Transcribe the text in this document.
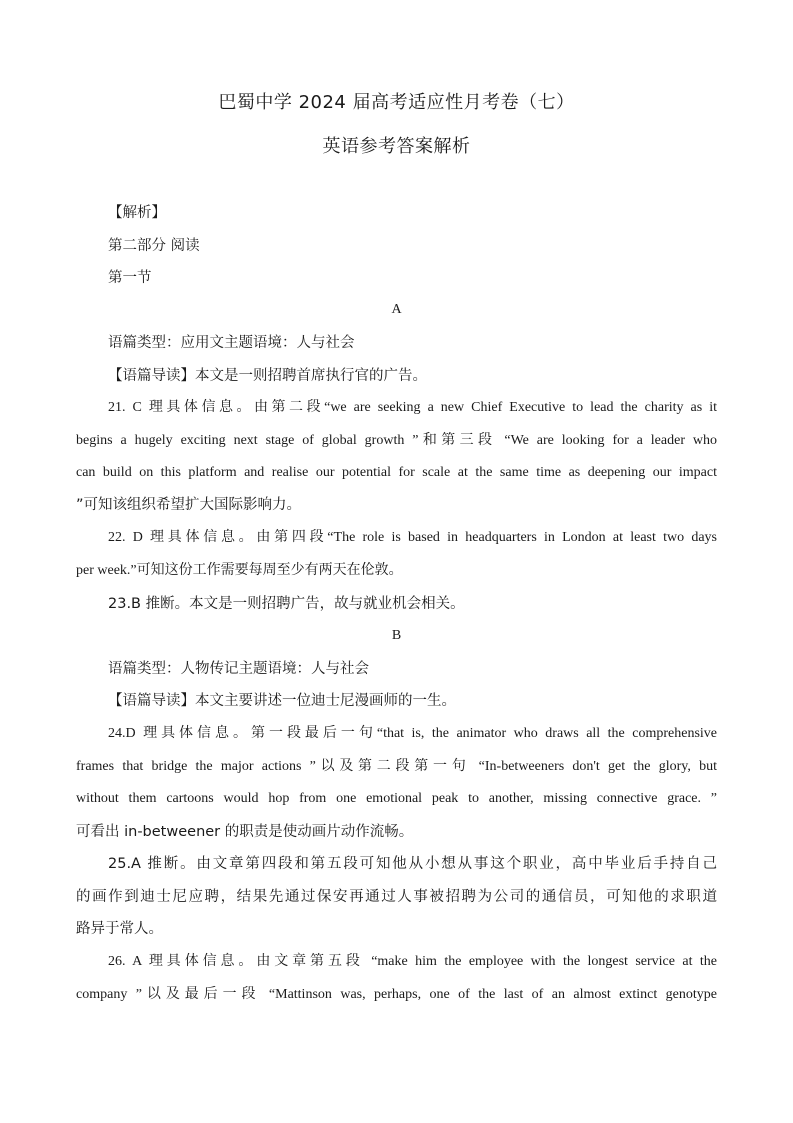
巴蜀中学 2024 届高考适应性月考卷（七）
英语参考答案解析
【解析】
第二部分 阅读
第一节
A
语篇类型：应用文主题语境：人与社会
【语篇导读】本文是一则招聘首席执行官的广告。
21. C 理具体信息。由第二段“we are seeking a new Chief Executive to lead the charity as it
begins a hugely exciting next stage of global growth ”和第三段 “We are looking for a leader who
can build on this platform and realise our potential for scale at the same time as deepening our impact
”可知该组织希望扩大国际影响力。
22. D 理具体信息。由第四段“The role is based in headquarters in London at least two days
per week.”可知这份工作需要每周至少有两天在伦敦。
23.B 推断。本文是一则招聘广告，故与就业机会相关。
B
语篇类型：人物传记主题语境：人与社会
【语篇导读】本文主要讲述一位迪士尼漫画师的一生。
24.D 理具体信息。第一段最后一句“that is, the animator who draws all the comprehensive
frames that bridge the major actions ”以及第二段第一句 “In-betweeners don't get the glory, but
without them cartoons would hop from one emotional peak to another, missing connective grace. ”
可看出 in-betweener 的职责是使动画片动作流畅。
25.A 推断。由文章第四段和第五段可知他从小想从事这个职业，高中毕业后手持自己
的画作到迪士尼应聘，结果先通过保安再通过人事被招聘为公司的通信员，可知他的求职道
路异于常人。
26. A 理具体信息。由文章第五段 “make him the employee with the longest service at the
company ”以及最后一段 “Mattinson was, perhaps, one of the last of an almost extinct genotype
